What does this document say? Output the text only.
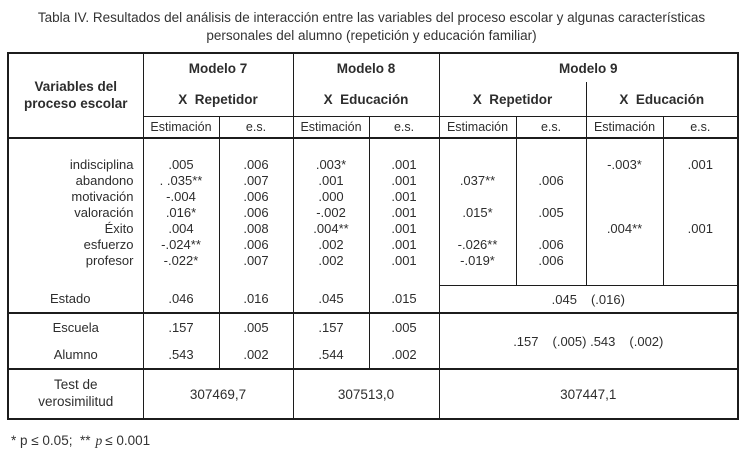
Tabla IV. Resultados del análisis de interacción entre las variables del proceso escolar y algunas características personales del alumno (repetición y educación familiar)
Variables del proceso escolar	Modelo 7		Modelo 8		Modelo 9			
	X  Repetidor		X  Educación		X  Repetidor		X  Educación	
	Estimación	e.s.	Estimación	e.s.	Estimación	e.s.	Estimación	e.s.

indisciplina	.005	.006	.003*	.001			-.003*	.001
abandono	. .035**	.007	.001	.001	.037**	.006		
motivación	-.004	.006	.000	.001				
valoración	.016*	.006	-.002	.001	.015*	.005		
Éxito	.004	.008	.004**	.001			.004**	.001
esfuerzo	-.024**	.006	.002	.001	-.026**	.006		
profesor	-.022*	.007	.002	.001	-.019*	.006		

Estado	.046	.016	.045	.015	.045 (.016)			
Escuela	.157	.005	.157	.005	.157 (.005) .543 (.002)			
Alumno	.543	.002	.544	.002				
Test de verosimilitud	307469,7		307513,0		307447,1			
* p ≤ 0.05;  ** p ≤ 0.001
